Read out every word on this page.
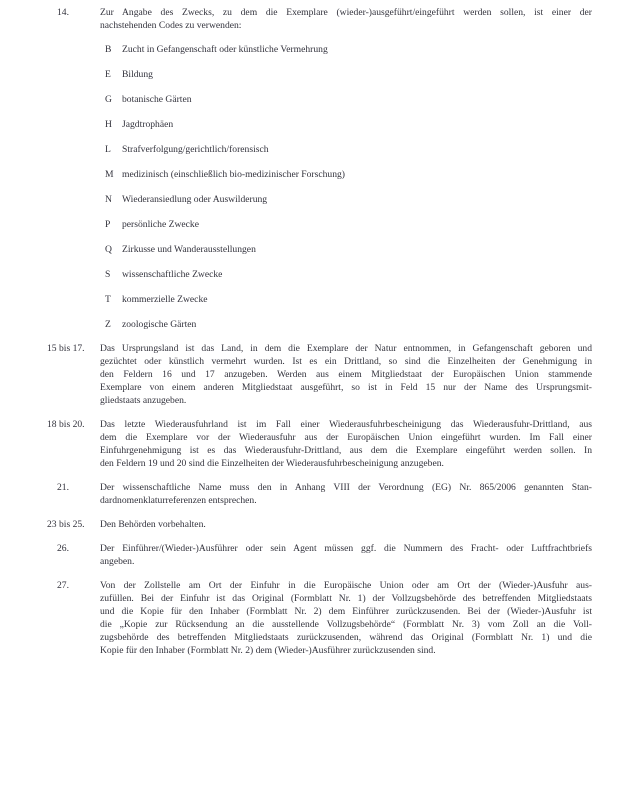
14.	Zur Angabe des Zwecks, zu dem die Exemplare (wieder-)ausgeführt/eingeführt werden sollen, ist einer der
nachstehenden Codes zu verwenden:
B	Zucht in Gefangenschaft oder künstliche Vermehrung
E	Bildung
G	botanische Gärten
H	Jagdtrophäen
L	Strafverfolgung/gerichtlich/forensisch
M medizinisch (einschließlich bio-medizinischer Forschung)
N	Wiederansiedlung oder Auswilderung
P	persönliche Zwecke
Q	Zirkusse und Wanderausstellungen
S	wissenschaftliche Zwecke
T	kommerzielle Zwecke
Z	zoologische Gärten
15 bis 17.	Das Ursprungsland ist das Land, in dem die Exemplare der Natur entnommen, in Gefangenschaft geboren und
gezüchtet oder künstlich vermehrt wurden. Ist es ein Drittland, so sind die Einzelheiten der Genehmigung in
den Feldern 16 und 17 anzugeben. Werden aus einem Mitgliedstaat der Europäischen Union stammende
Exemplare von einem anderen Mitgliedstaat ausgeführt, so ist in Feld 15 nur der Name des Ursprungsmit-
gliedstaats anzugeben.
18 bis 20.	Das letzte Wiederausfuhrland ist im Fall einer Wiederausfuhrbescheinigung das Wiederausfuhr-Drittland, aus
dem die Exemplare vor der Wiederausfuhr aus der Europäischen Union eingeführt wurden. Im Fall einer
Einfuhrgenehmigung ist es das Wiederausfuhr-Drittland, aus dem die Exemplare eingeführt werden sollen. In
den Feldern 19 und 20 sind die Einzelheiten der Wiederausfuhrbescheinigung anzugeben.
21.	Der wissenschaftliche Name muss den in Anhang VIII der Verordnung (EG) Nr. 865/2006 genannten Stan-
dardnomenklaturreferenzen entsprechen.
23 bis 25.	Den Behörden vorbehalten.
26.	Der Einführer/(Wieder-)Ausführer oder sein Agent müssen ggf. die Nummern des Fracht- oder Luftfrachtbriefs
angeben.
27.	Von der Zollstelle am Ort der Einfuhr in die Europäische Union oder am Ort der (Wieder-)Ausfuhr aus-
zufüllen. Bei der Einfuhr ist das Original (Formblatt Nr. 1) der Vollzugsbehörde des betreffenden Mitgliedstaats
und die Kopie für den Inhaber (Formblatt Nr. 2) dem Einführer zurückzusenden. Bei der (Wieder-)Ausfuhr ist
die „Kopie zur Rücksendung an die ausstellende Vollzugsbehörde“ (Formblatt Nr. 3) vom Zoll an die Voll-
zugsbehörde des betreffenden Mitgliedstaats zurückzusenden, während das Original (Formblatt Nr. 1) und die
Kopie für den Inhaber (Formblatt Nr. 2) dem (Wieder-)Ausführer zurückzusenden sind.
